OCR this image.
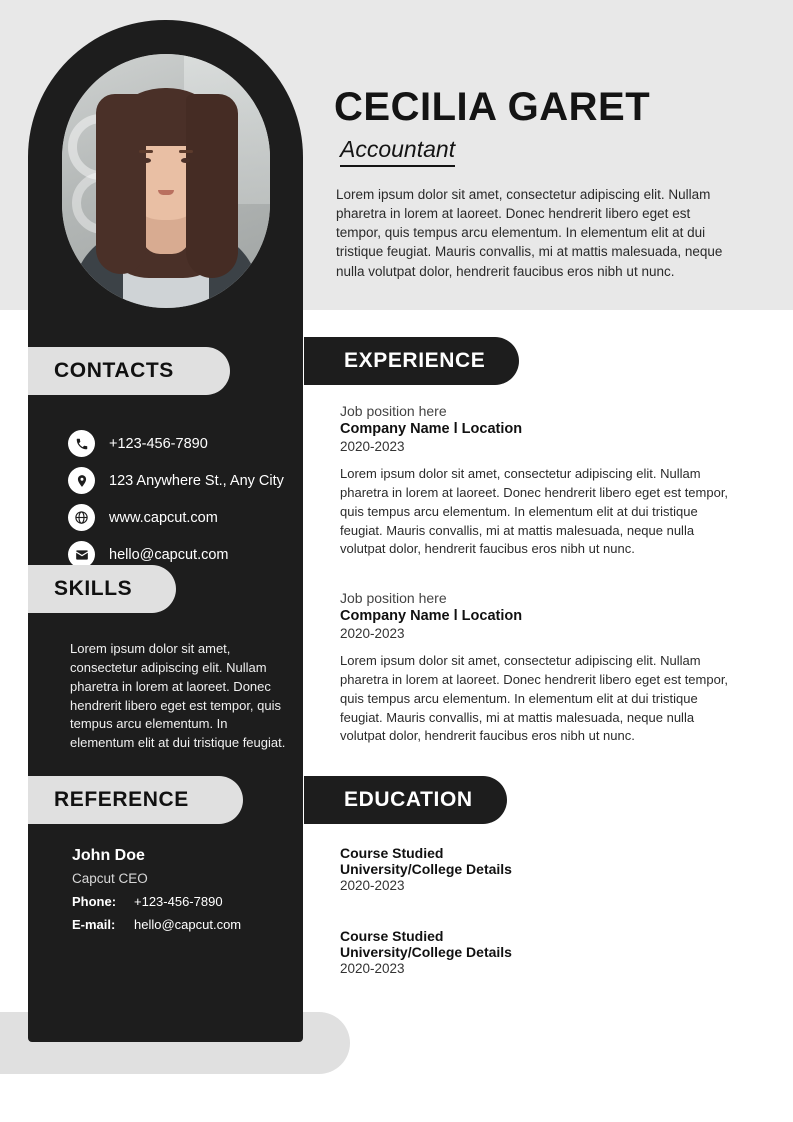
CONTACTS
+123-456-7890
123 Anywhere St., Any City
www.capcut.com
hello@capcut.com
SKILLS
Lorem ipsum dolor sit amet, consectetur adipiscing elit. Nullam pharetra in lorem at laoreet. Donec hendrerit libero eget est tempor, quis tempus arcu elementum. In elementum elit at dui tristique feugiat.
REFERENCE
John Doe
Capcut CEO
Phone:	+123-456-7890
E-mail:	hello@capcut.com
CECILIA GARET
Accountant
Lorem ipsum dolor sit amet, consectetur adipiscing elit. Nullam pharetra in lorem at laoreet. Donec hendrerit libero eget est tempor, quis tempus arcu elementum. In elementum elit at dui tristique feugiat. Mauris convallis, mi at mattis malesuada, neque nulla volutpat dolor, hendrerit faucibus eros nibh ut nunc.
EXPERIENCE
Job position here
Company Name l Location
2020-2023
Lorem ipsum dolor sit amet, consectetur adipiscing elit. Nullam pharetra in lorem at laoreet. Donec hendrerit libero eget est tempor, quis tempus arcu elementum. In elementum elit at dui tristique feugiat. Mauris convallis, mi at mattis malesuada, neque nulla volutpat dolor, hendrerit faucibus eros nibh ut nunc.
Job position here
Company Name l Location
2020-2023
Lorem ipsum dolor sit amet, consectetur adipiscing elit. Nullam pharetra in lorem at laoreet. Donec hendrerit libero eget est tempor, quis tempus arcu elementum. In elementum elit at dui tristique feugiat. Mauris convallis, mi at mattis malesuada, neque nulla volutpat dolor, hendrerit faucibus eros nibh ut nunc.
EDUCATION
Course Studied
University/College Details
2020-2023
Course Studied
University/College Details
2020-2023
